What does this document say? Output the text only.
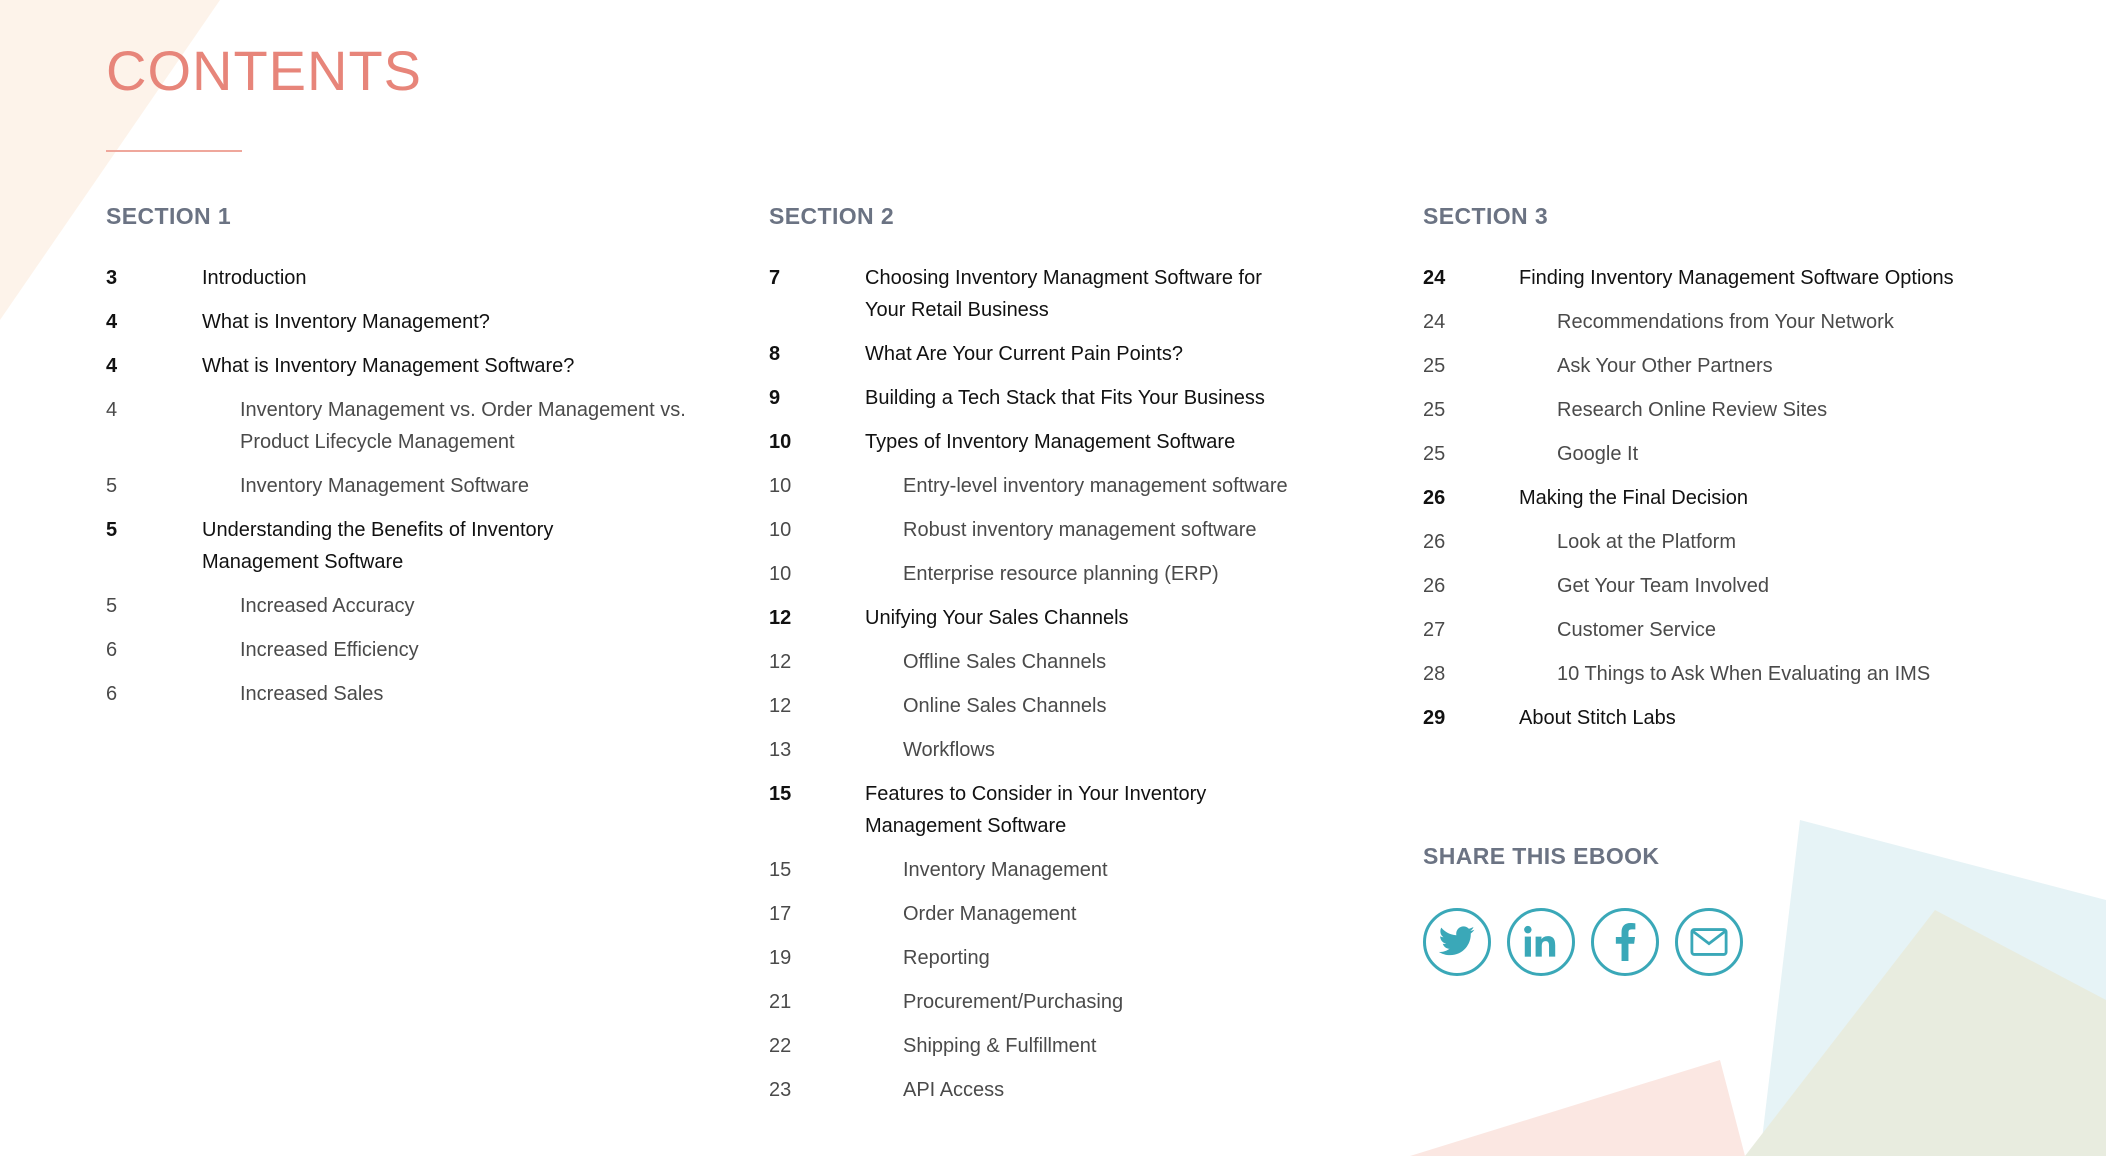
CONTENTS
SECTION 1
3	Introduction
4	What is Inventory Management?
4	What is Inventory Management Software?
4	Inventory Management vs. Order Management vs. Product Lifecycle Management
5	Inventory Management Software
5	Understanding the Benefits of Inventory Management Software
5	Increased Accuracy
6	Increased Efficiency
6	Increased Sales
SECTION 2
7	Choosing Inventory Managment Software for Your Retail Business
8	What Are Your Current Pain Points?
9	Building a Tech Stack that Fits Your Business
10	Types of Inventory Management Software
10	Entry-level inventory management software
10	Robust inventory management software
10	Enterprise resource planning (ERP)
12	Unifying Your Sales Channels
12	Offline Sales Channels
12	Online Sales Channels
13	Workflows
15	Features to Consider in Your Inventory Management Software
15	Inventory Management
17	Order Management
19	Reporting
21	Procurement/Purchasing
22	Shipping & Fulfillment
23	API Access
SECTION 3
24	Finding Inventory Management Software Options
24	Recommendations from Your Network
25	Ask Your Other Partners
25	Research Online Review Sites
25	Google It
26	Making the Final Decision
26	Look at the Platform
26	Get Your Team Involved
27	Customer Service
28	10 Things to Ask When Evaluating an IMS
29	About Stitch Labs
SHARE THIS EBOOK
